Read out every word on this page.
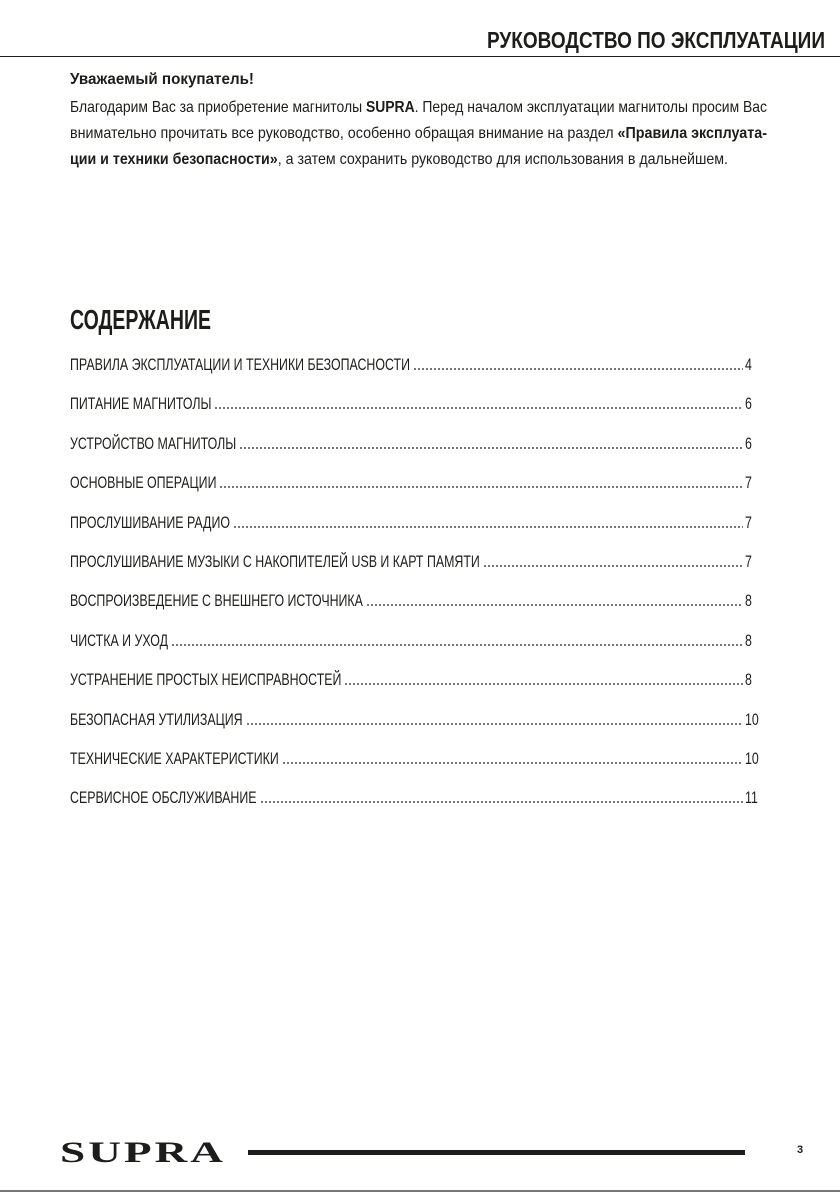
РУКОВОДСТВО ПО ЭКСПЛУАТАЦИИ
Уважаемый покупатель!
Благодарим Вас за приобретение магнитолы SUPRA. Перед началом эксплуатации магнитолы просим Вас
внимательно прочитать все руководство, особенно обращая внимание на раздел «Правила эксплуата-
ции и техники безопасности», а затем сохранить руководство для использования в дальнейшем.
СОДЕРЖАНИЕ
ПРАВИЛА ЭКСПЛУАТАЦИИ И ТЕХНИКИ БЕЗОПАСНОСТИ	4
ПИТАНИЕ МАГНИТОЛЫ	6
УСТРОЙСТВО МАГНИТОЛЫ	6
ОСНОВНЫЕ ОПЕРАЦИИ	7
ПРОСЛУШИВАНИЕ РАДИО	7
ПРОСЛУШИВАНИЕ МУЗЫКИ С НАКОПИТЕЛЕЙ USB И КАРТ ПАМЯТИ	7
ВОСПРОИЗВЕДЕНИЕ С ВНЕШНЕГО ИСТОЧНИКА	8
ЧИСТКА И УХОД	8
УСТРАНЕНИЕ ПРОСТЫХ НЕИСПРАВНОСТЕЙ	8
БЕЗОПАСНАЯ УТИЛИЗАЦИЯ	10
ТЕХНИЧЕСКИЕ ХАРАКТЕРИСТИКИ	10
СЕРВИСНОЕ ОБСЛУЖИВАНИЕ	11
SUPRA	3
